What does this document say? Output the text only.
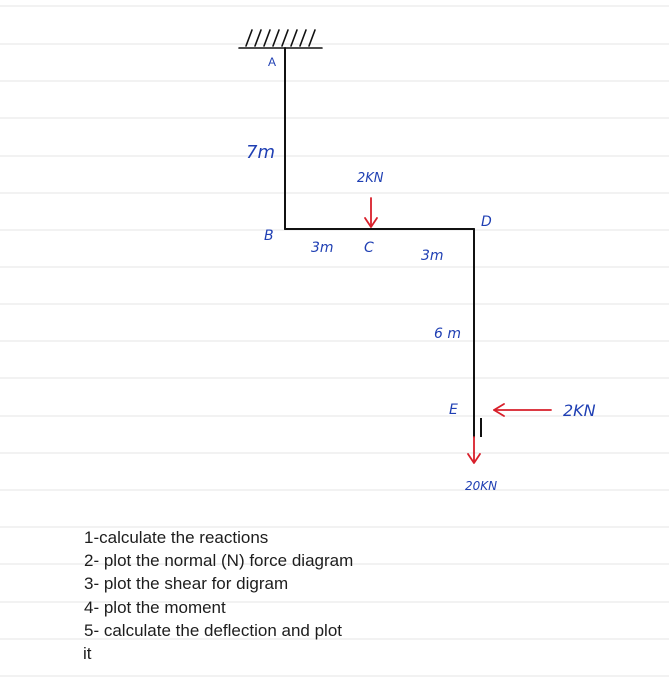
A
B
C
D
E
7m
3m	3m
6 m
2KN
2KN
20KN
1-calculate the reactions
2- plot the normal (N) force diagram
3- plot the shear for digram
4- plot the moment
5- calculate the deflection and plot
it
